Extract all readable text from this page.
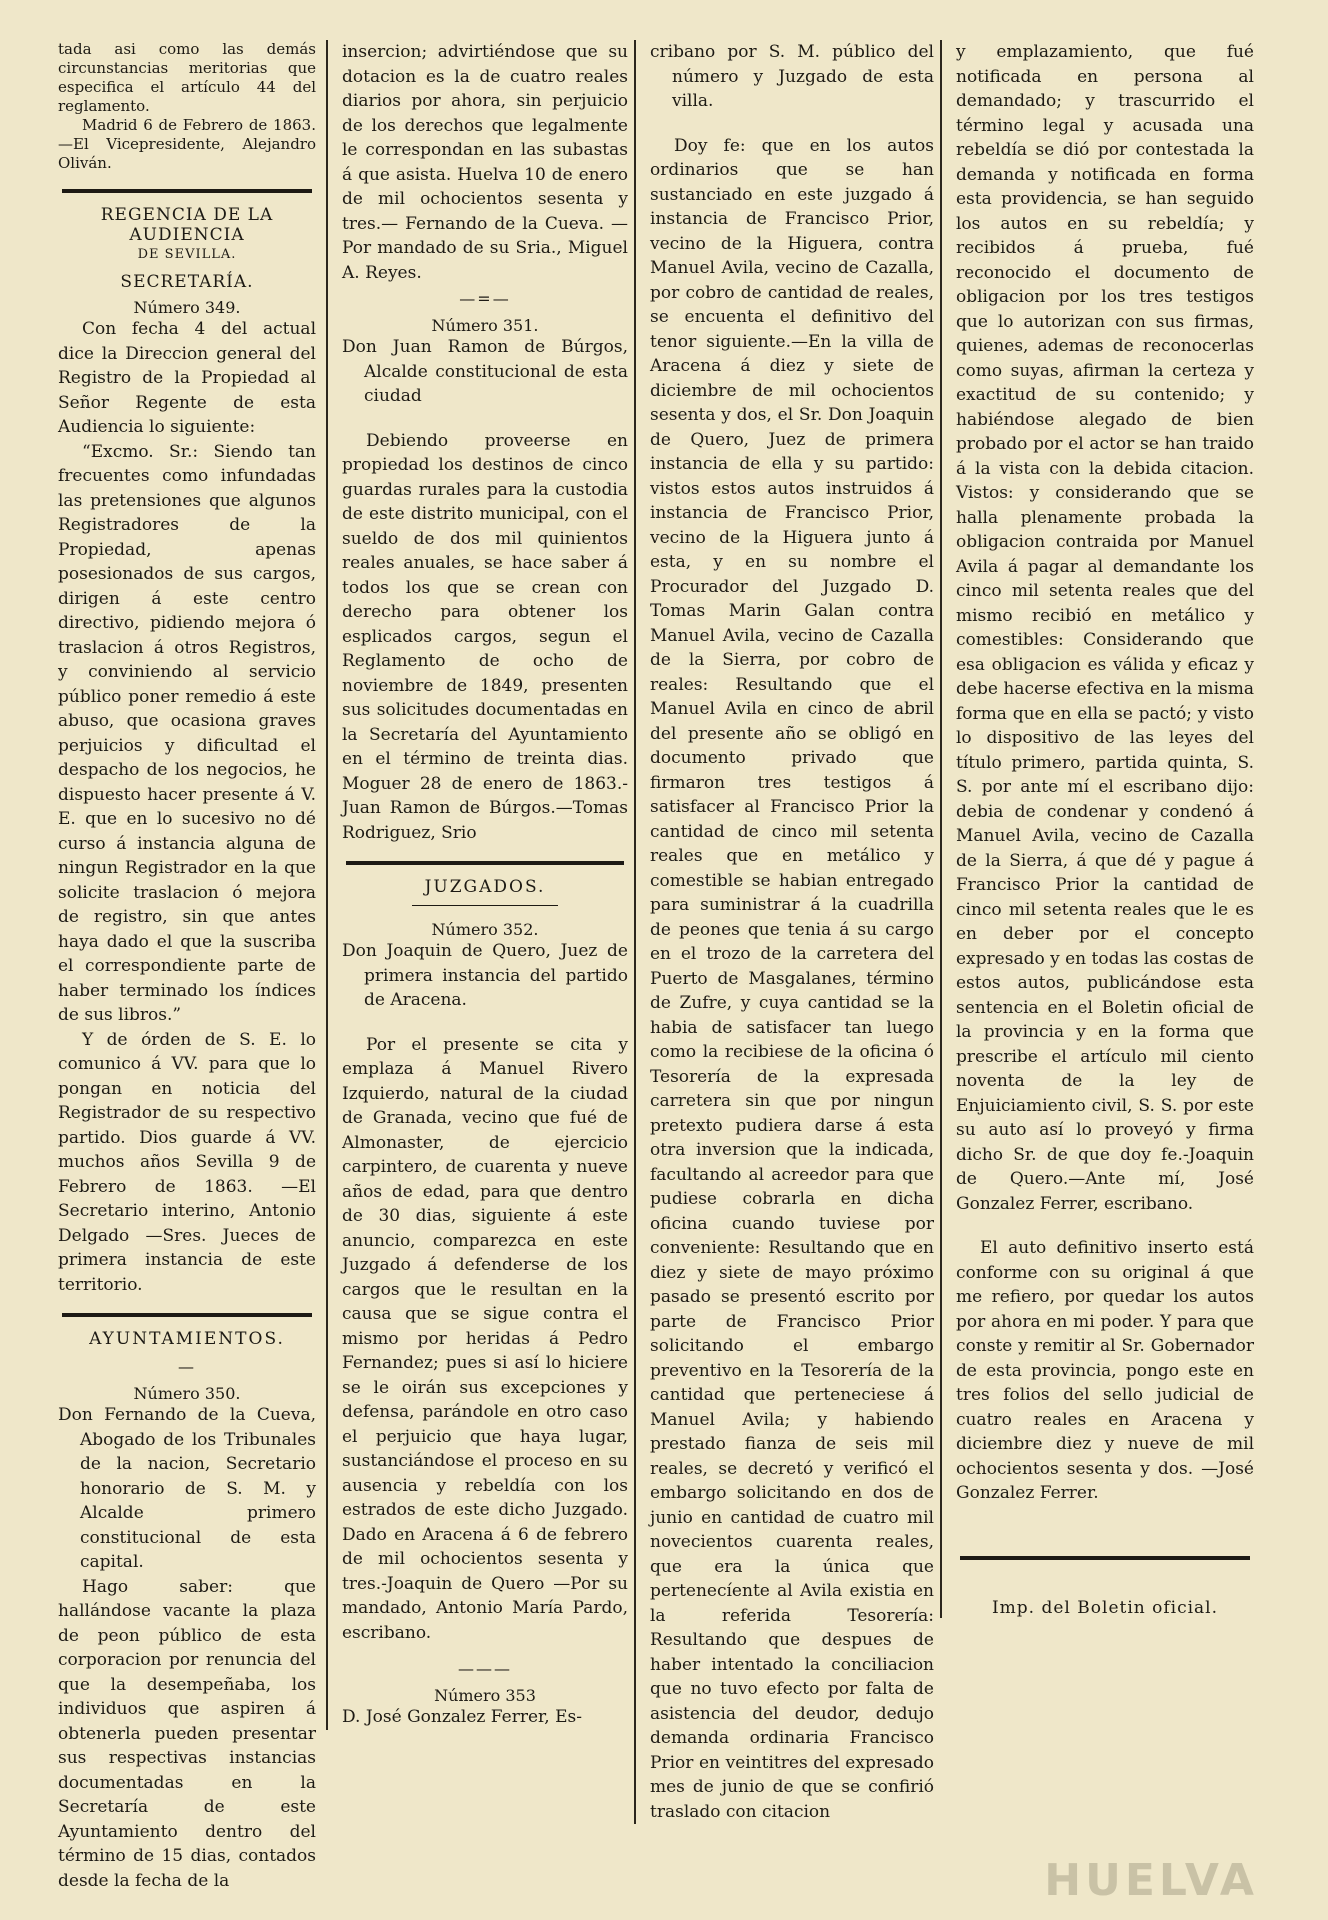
tada asi como las demás circunstancias meritorias que especifica el artículo 44 del reglamento.

Madrid 6 de Febrero de 1863. —El Vicepresidente, Alejandro Oliván.

REGENCIA DE LA AUDIENCIA
DE SEVILLA.
SECRETARÍA.
Número 349.

Con fecha 4 del actual dice la Direccion general del Registro de la Propiedad al Señor Regente de esta Audiencia lo siguiente:

“Excmo. Sr.: Siendo tan frecuentes como infundadas las pretensiones que algunos Registradores de la Propiedad, apenas posesionados de sus cargos, dirigen á este centro directivo, pidiendo mejora ó traslacion á otros Registros, y conviniendo al servicio público poner remedio á este abuso, que ocasiona graves perjuicios y dificultad el despacho de los negocios, he dispuesto hacer presente á V. E. que en lo sucesivo no dé curso á instancia alguna de ningun Registrador en la que solicite traslacion ó mejora de registro, sin que antes haya dado el que la suscriba el correspondiente parte de haber terminado los índices de sus libros.”

Y de órden de S. E. lo comunico á VV. para que lo pongan en noticia del Registrador de su respectivo partido. Dios guarde á VV. muchos años Sevilla 9 de Febrero de 1863. —El Secretario interino, Antonio Delgado —Sres. Jueces de primera instancia de este territorio.

AYUNTAMIENTOS.
—
Número 350.

Don Fernando de la Cueva, Abogado de los Tribunales de la nacion, Secretario honorario de S. M. y Alcalde primero constitucional de esta capital.

Hago saber: que hallándose vacante la plaza de peon público de esta corporacion por renuncia del que la desempeñaba, los individuos que aspiren á obtenerla pueden presentar sus respectivas instancias documentadas en la Secretaría de este Ayuntamiento dentro del término de 15 dias, contados desde la fecha de la

insercion; advirtiéndose que su dotacion es la de cuatro reales diarios por ahora, sin perjuicio de los derechos que legalmente le correspondan en las subastas á que asista. Huelva 10 de enero de mil ochocientos sesenta y tres.— Fernando de la Cueva. —Por mandado de su Sria., Miguel A. Reyes.

—=—
Número 351.

Don Juan Ramon de Búrgos, Alcalde constitucional de esta ciudad

Debiendo proveerse en propiedad los destinos de cinco guardas rurales para la custodia de este distrito municipal, con el sueldo de dos mil quinientos reales anuales, se hace saber á todos los que se crean con derecho para obtener los esplicados cargos, segun el Reglamento de ocho de noviembre de 1849, presenten sus solicitudes documentadas en la Secretaría del Ayuntamiento en el término de treinta dias. Moguer 28 de enero de 1863.-Juan Ramon de Búrgos.—Tomas Rodriguez, Srio

JUZGADOS.
Número 352.

Don Joaquin de Quero, Juez de primera instancia del partido de Aracena.

Por el presente se cita y emplaza á Manuel Rivero Izquierdo, natural de la ciudad de Granada, vecino que fué de Almonaster, de ejercicio carpintero, de cuarenta y nueve años de edad, para que dentro de 30 dias, siguiente á este anuncio, comparezca en este Juzgado á defenderse de los cargos que le resultan en la causa que se sigue contra el mismo por heridas á Pedro Fernandez; pues si así lo hiciere se le oirán sus excepciones y defensa, parándole en otro caso el perjuicio que haya lugar, sustanciándose el proceso en su ausencia y rebeldía con los estrados de este dicho Juzgado. Dado en Aracena á 6 de febrero de mil ochocientos sesenta y tres.-Joaquin de Quero —Por su mandado, Antonio María Pardo, escribano.

———
Número 353

D. José Gonzalez Ferrer, Es-

cribano por S. M. público del número y Juzgado de esta villa.

Doy fe: que en los autos ordinarios que se han sustanciado en este juzgado á instancia de Francisco Prior, vecino de la Higuera, contra Manuel Avila, vecino de Cazalla, por cobro de cantidad de reales, se encuenta el definitivo del tenor siguiente.—En la villa de Aracena á diez y siete de diciembre de mil ochocientos sesenta y dos, el Sr. Don Joaquin de Quero, Juez de primera instancia de ella y su partido: vistos estos autos instruidos á instancia de Francisco Prior, vecino de la Higuera junto á esta, y en su nombre el Procurador del Juzgado D. Tomas Marin Galan contra Manuel Avila, vecino de Cazalla de la Sierra, por cobro de reales: Resultando que el Manuel Avila en cinco de abril del presente año se obligó en documento privado que firmaron tres testigos á satisfacer al Francisco Prior la cantidad de cinco mil setenta reales que en metálico y comestible se habian entregado para suministrar á la cuadrilla de peones que tenia á su cargo en el trozo de la carretera del Puerto de Masgalanes, término de Zufre, y cuya cantidad se la habia de satisfacer tan luego como la recibiese de la oficina ó Tesorería de la expresada carretera sin que por ningun pretexto pudiera darse á esta otra inversion que la indicada, facultando al acreedor para que pudiese cobrarla en dicha oficina cuando tuviese por conveniente: Resultando que en diez y siete de mayo próximo pasado se presentó escrito por parte de Francisco Prior solicitando el embargo preventivo en la Tesorería de la cantidad que perteneciese á Manuel Avila; y habiendo prestado fianza de seis mil reales, se decretó y verificó el embargo solicitando en dos de junio en cantidad de cuatro mil novecientos cuarenta reales, que era la única que pertenecíente al Avila existia en la referida Tesorería: Resultando que despues de haber intentado la conciliacion que no tuvo efecto por falta de asistencia del deudor, dedujo demanda ordinaria Francisco Prior en veintitres del expresado mes de junio de que se confirió traslado con citacion

y emplazamiento, que fué notificada en persona al demandado; y trascurrido el término legal y acusada una rebeldía se dió por contestada la demanda y notificada en forma esta providencia, se han seguido los autos en su rebeldía; y recibidos á prueba, fué reconocido el documento de obligacion por los tres testigos que lo autorizan con sus firmas, quienes, ademas de reconocerlas como suyas, afirman la certeza y exactitud de su contenido; y habiéndose alegado de bien probado por el actor se han traido á la vista con la debida citacion. Vistos: y considerando que se halla plenamente probada la obligacion contraida por Manuel Avila á pagar al demandante los cinco mil setenta reales que del mismo recibió en metálico y comestibles: Considerando que esa obligacion es válida y eficaz y debe hacerse efectiva en la misma forma que en ella se pactó; y visto lo dispositivo de las leyes del título primero, partida quinta, S. S. por ante mí el escribano dijo: debia de condenar y condenó á Manuel Avila, vecino de Cazalla de la Sierra, á que dé y pague á Francisco Prior la cantidad de cinco mil setenta reales que le es en deber por el concepto expresado y en todas las costas de estos autos, publicándose esta sentencia en el Boletin oficial de la provincia y en la forma que prescribe el artículo mil ciento noventa de la ley de Enjuiciamiento civil, S. S. por este su auto así lo proveyó y firma dicho Sr. de que doy fe.-Joaquin de Quero.—Ante mí, José Gonzalez Ferrer, escribano.

El auto definitivo inserto está conforme con su original á que me refiero, por quedar los autos por ahora en mi poder. Y para que conste y remitir al Sr. Gobernador de esta provincia, pongo este en tres folios del sello judicial de cuatro reales en Aracena y diciembre diez y nueve de mil ochocientos sesenta y dos. —José Gonzalez Ferrer.

Imp. del Boletin oficial.
HUELVA
